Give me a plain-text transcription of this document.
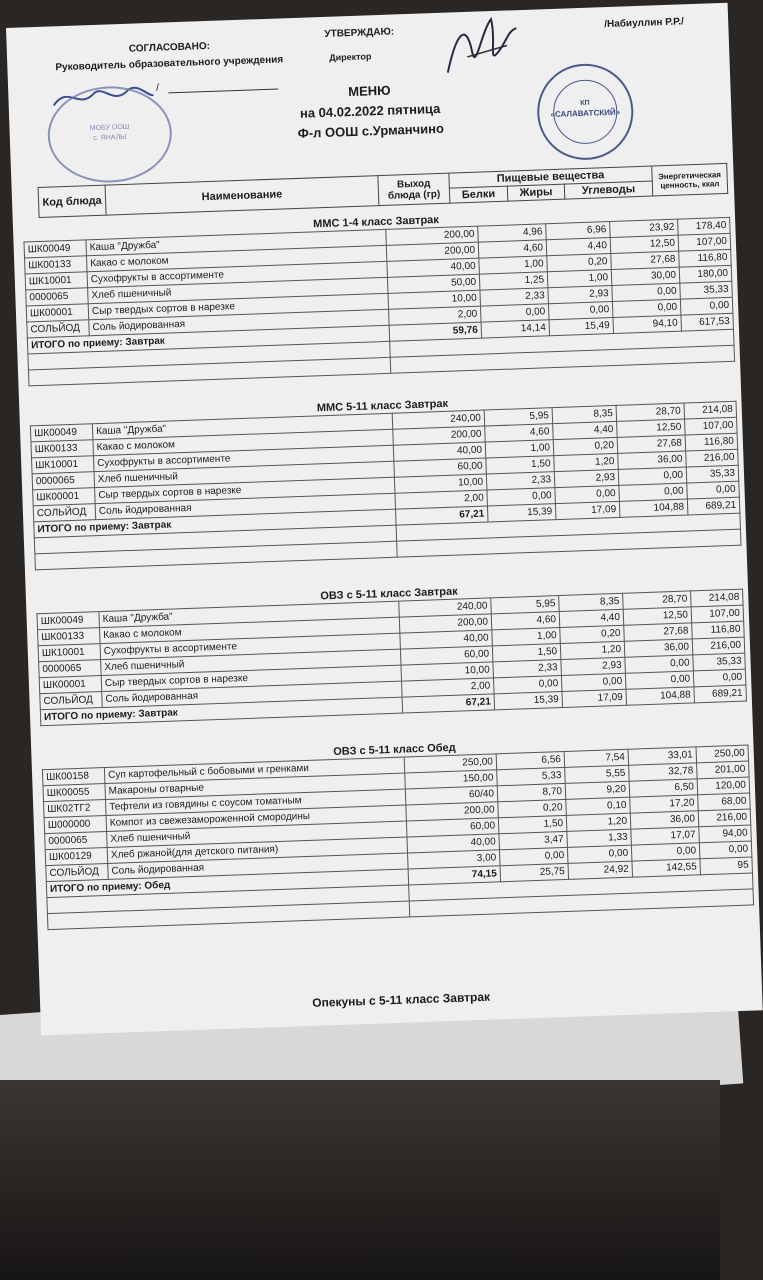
СОГЛАСОВАНО:
Руководитель образовательного учреждения
/
УТВЕРЖДАЮ:
Директор
/Набиуллин Р.Р./
КП
«САЛАВАТСКИЙ»
МОБУ ООШ
с. ЯНАЛЫ
МЕНЮ
на 04.02.2022 пятница
Ф-л ООШ с.Урманчино
Код блюда	Наименование	Выход блюда (гр)	Пищевые вещества			Энергетическая ценность, ккал
			Белки	Жиры	Углеводы	
ММС 1-4 класс Завтрак
ШК00049	Каша "Дружба"	200,00	4,96	6,96	23,92	178,40
ШК00133	Какао с молоком	200,00	4,60	4,40	12,50	107,00
ШК10001	Сухофрукты в ассортименте	40,00	1,00	0,20	27,68	116,80
0000065	Хлеб пшеничный	50,00	1,25	1,00	30,00	180,00
ШК00001	Сыр твердых сортов в нарезке	10,00	2,33	2,93	0,00	35,33
СОЛЬЙОД	Соль йодированная	2,00	0,00	0,00	0,00	0,00
ИТОГО по приему: Завтрак		59,76	14,14	15,49	94,10	617,53

ММС 5-11 класс Завтрак
ШК00049	Каша "Дружба"	240,00	5,95	8,35	28,70	214,08
ШК00133	Какао с молоком	200,00	4,60	4,40	12,50	107,00
ШК10001	Сухофрукты в ассортименте	40,00	1,00	0,20	27,68	116,80
0000065	Хлеб пшеничный	60,00	1,50	1,20	36,00	216,00
ШК00001	Сыр твердых сортов в нарезке	10,00	2,33	2,93	0,00	35,33
СОЛЬЙОД	Соль йодированная	2,00	0,00	0,00	0,00	0,00
ИТОГО по приему: Завтрак		67,21	15,39	17,09	104,88	689,21

ОВЗ с 5-11 класс Завтрак
ШК00049	Каша "Дружба"	240,00	5,95	8,35	28,70	214,08
ШК00133	Какао с молоком	200,00	4,60	4,40	12,50	107,00
ШК10001	Сухофрукты в ассортименте	40,00	1,00	0,20	27,68	116,80
0000065	Хлеб пшеничный	60,00	1,50	1,20	36,00	216,00
ШК00001	Сыр твердых сортов в нарезке	10,00	2,33	2,93	0,00	35,33
СОЛЬЙОД	Соль йодированная	2,00	0,00	0,00	0,00	0,00
ИТОГО по приему: Завтрак		67,21	15,39	17,09	104,88	689,21
ОВЗ с 5-11 класс Обед
ШК00158	Суп картофельный с бобовыми и гренками	250,00	6,56	7,54	33,01	250,00
ШК00055	Макароны отварные	150,00	5,33	5,55	32,78	201,00
ШК02ТГ2	Тефтели из говядины с соусом томатным	60/40	8,70	9,20	6,50	120,00
Ш000000	Компот из свежезамороженной смородины	200,00	0,20	0,10	17,20	68,00
0000065	Хлеб пшеничный	60,00	1,50	1,20	36,00	216,00
ШК00129	Хлеб ржаной(для детского питания)	40,00	3,47	1,33	17,07	94,00
СОЛЬЙОД	Соль йодированная	3,00	0,00	0,00	0,00	0,00
ИТОГО по приему: Обед		74,15	25,75	24,92	142,55	95

Опекуны с 5-11 класс Завтрак
